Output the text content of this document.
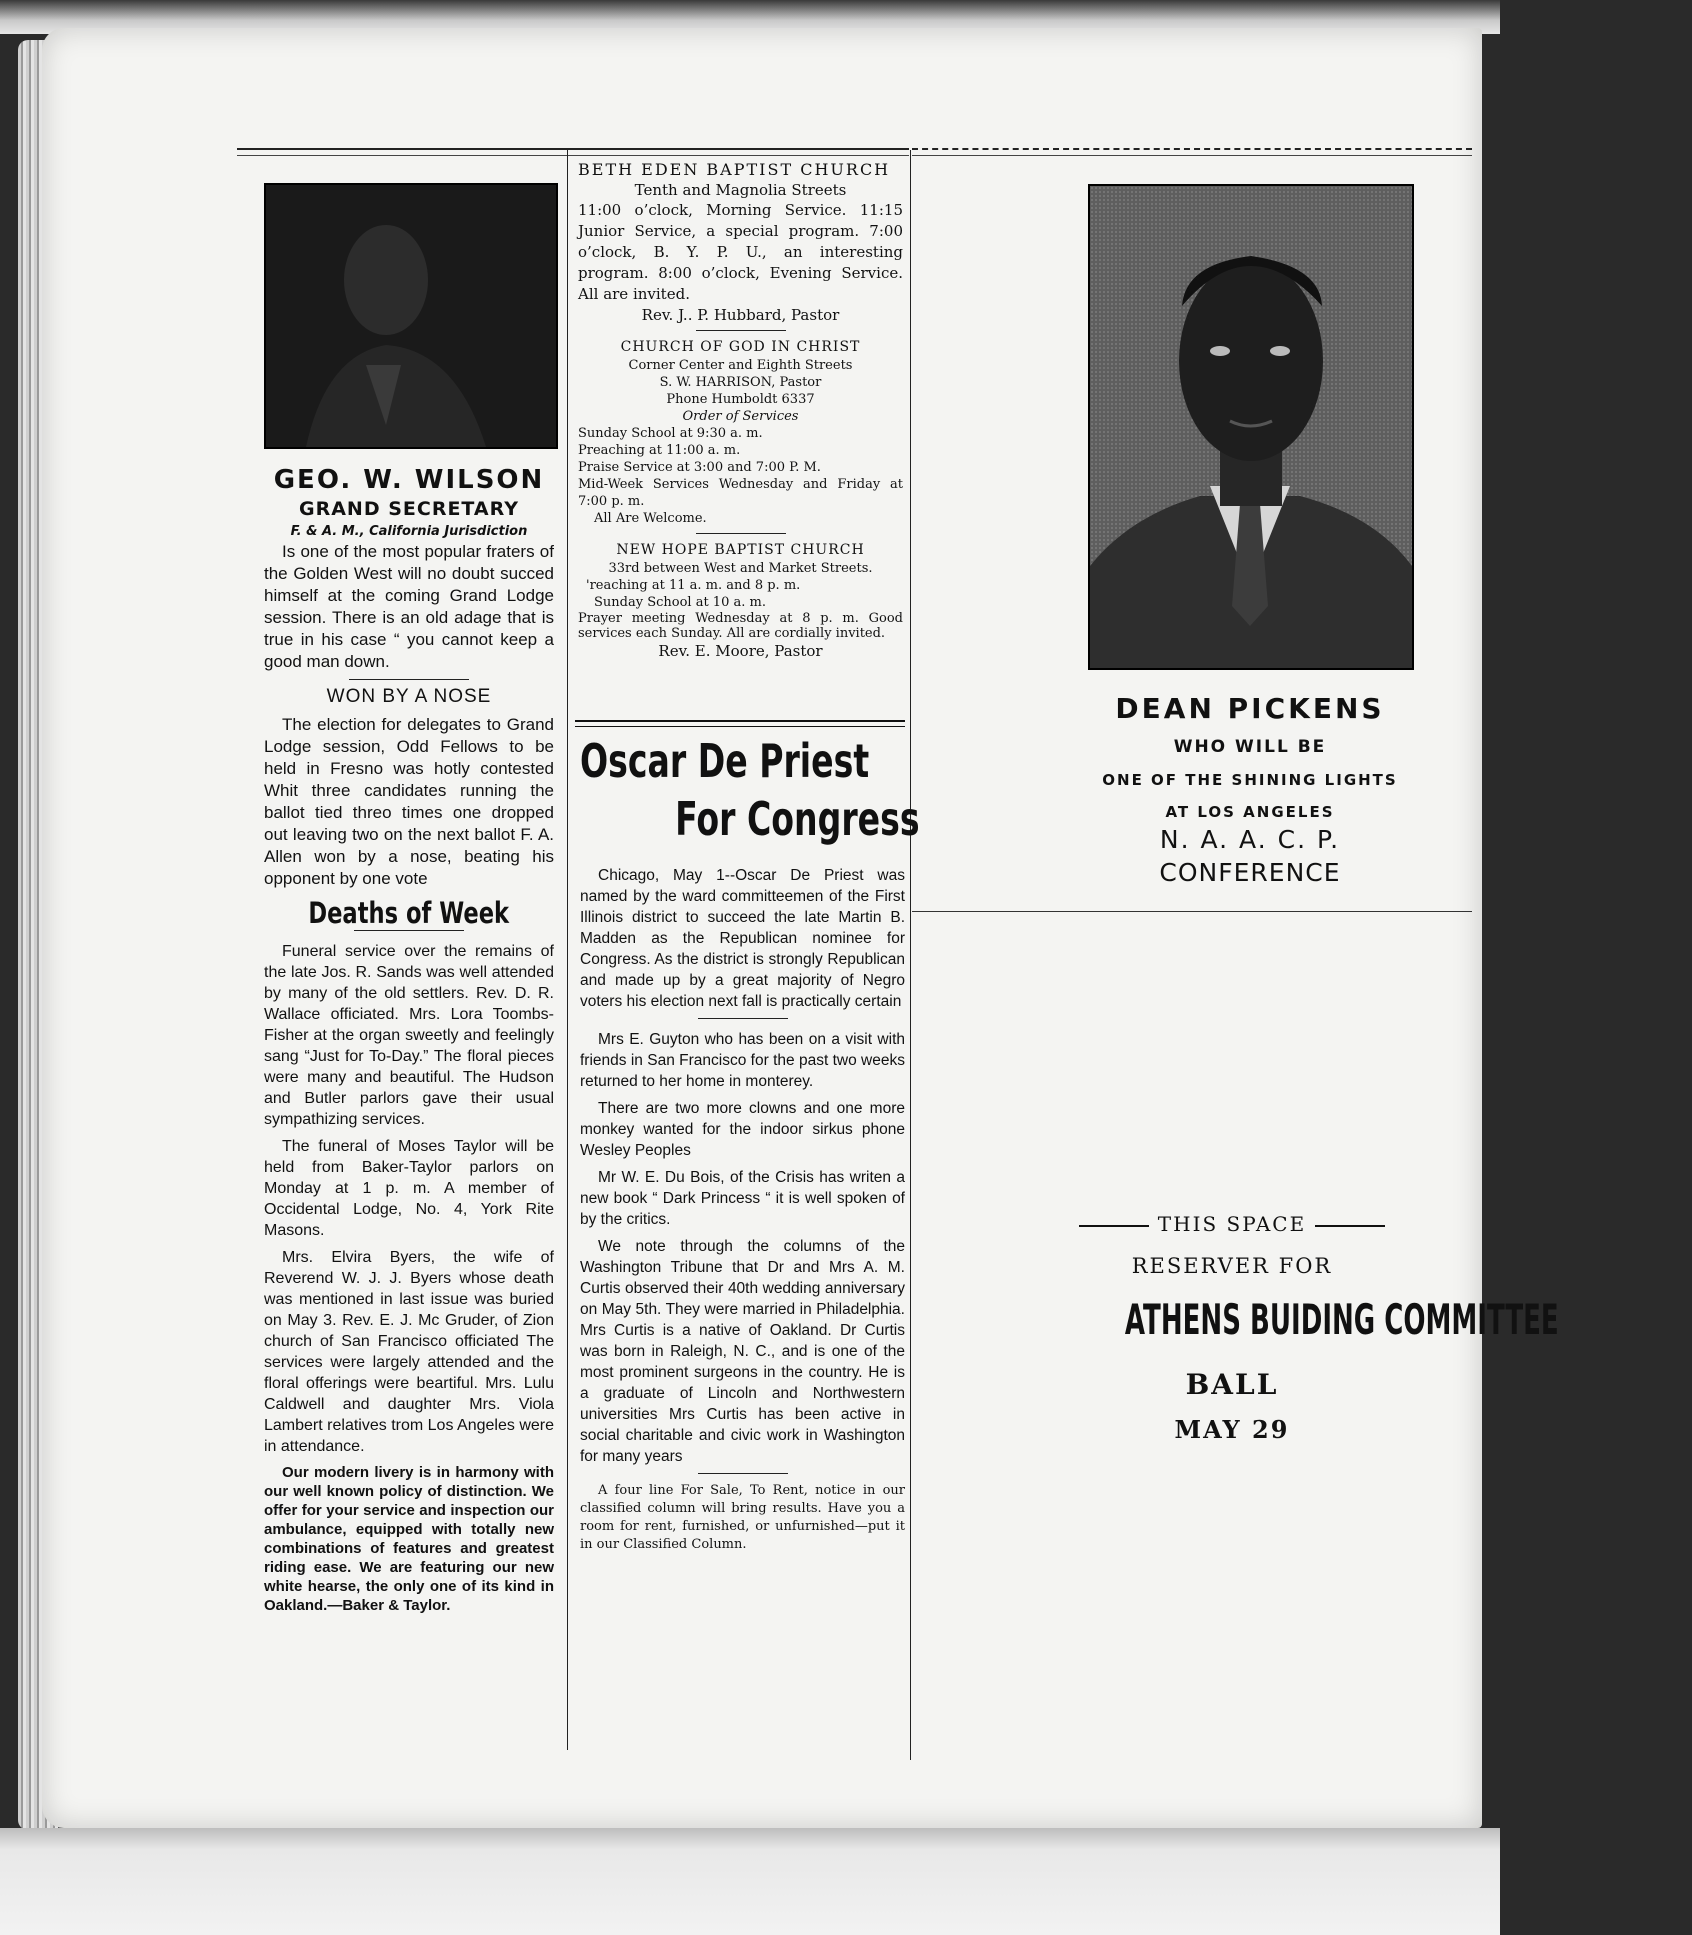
GEO. W. WILSON
GRAND SECRETARY
F. & A. M., California Jurisdiction

Is one of the most popular fraters of the Golden West will no doubt succed himself at the coming Grand Lodge session. There is an old adage that is true in his case “ you cannot keep a good man down.

WON BY A NOSE

The election for delegates to Grand Lodge session, Odd Fellows to be held in Fresno was hotly contested Whit three candidates running the ballot tied threo times one dropped out leaving two on the next ballot F. A. Allen won by a nose, beating his opponent by one vote

Deaths of Week

Funeral service over the remains of the late Jos. R. Sands was well attended by many of the old settlers. Rev. D. R. Wallace officiated. Mrs. Lora Toombs-Fisher at the organ sweetly and feelingly sang “Just for To-Day.” The floral pieces were many and beautiful. The Hudson and Butler parlors gave their usual sympathizing services.

The funeral of Moses Taylor will be held from Baker-Taylor parlors on Monday at 1 p. m. A member of Occidental Lodge, No. 4, York Rite Masons.

Mrs. Elvira Byers, the wife of Reverend W. J. J. Byers whose death was mentioned in last issue was buried on May 3. Rev. E. J. Mc Gruder, of Zion church of San Francisco officiated The services were largely attended and the floral offerings were beartiful. Mrs. Lulu Caldwell and daughter Mrs. Viola Lambert relatives trom Los Angeles were in attendance.

Our modern livery is in harmony with our well known policy of distinction. We offer for your service and inspection our ambulance, equipped with totally new combinations of features and greatest riding ease. We are featuring our new white hearse, the only one of its kind in Oakland.—Baker & Taylor.

BETH EDEN BAPTIST CHURCH
Tenth and Magnolia Streets
11:00 o’clock, Morning Service. 11:15 Junior Service, a special program. 7:00 o’clock, B. Y. P. U., an interesting program. 8:00 o’clock, Evening Service. All are invited.
Rev. J.. P. Hubbard, Pastor
CHURCH OF GOD IN CHRIST
Corner Center and Eighth Streets
S. W. HARRISON, Pastor
Phone Humboldt 6337
Order of Services
Sunday School at 9:30 a. m.
Preaching at 11:00 a. m.
Praise Service at 3:00 and 7:00 P. M.
Mid-Week Services Wednesday and Friday at 7:00 p. m.
All Are Welcome.
NEW HOPE BAPTIST CHURCH
33rd between West and Market Streets.
'reaching at 11 a. m. and 8 p. m.
Sunday School at 10 a. m.
Prayer meeting Wednesday at 8 p. m. Good services each Sunday. All are cordially invited.
Rev. E. Moore, Pastor
Oscar De Priest
For Congress

Chicago, May 1--Oscar De Priest was named by the ward committeemen of the First Illinois district to succeed the late Martin B. Madden as the Republican nominee for Congress. As the district is strongly Republican and made up by a great majority of Negro voters his election next fall is practically certain

Mrs E. Guyton who has been on a visit with friends in San Francisco for the past two weeks returned to her home in monterey.

There are two more clowns and one more monkey wanted for the indoor sirkus phone Wesley Peoples

Mr W. E. Du Bois, of the Crisis has writen a new book “ Dark Princess “ it is well spoken of by the critics.

We note through the columns of the Washington Tribune that Dr and Mrs A. M. Curtis observed their 40th wedding anniversary on May 5th. They were married in Philadelphia. Mrs Curtis is a native of Oakland. Dr Curtis was born in Raleigh, N. C., and is one of the most prominent surgeons in the country. He is a graduate of Lincoln and Northwestern universities Mrs Curtis has been active in social charitable and civic work in Washington for many years

A four line For Sale, To Rent, notice in our classified column will bring results. Have you a room for rent, furnished, or unfurnished—put it in our Classified Column.

DEAN PICKENS
WHO WILL BE
ONE OF THE SHINING LIGHTS
AT LOS ANGELES
N. A. A. C. P.
CONFERENCE
THIS SPACE
RESERVER FOR
ATHENS BUIDING COMMITTEE
BALL
MAY 29
